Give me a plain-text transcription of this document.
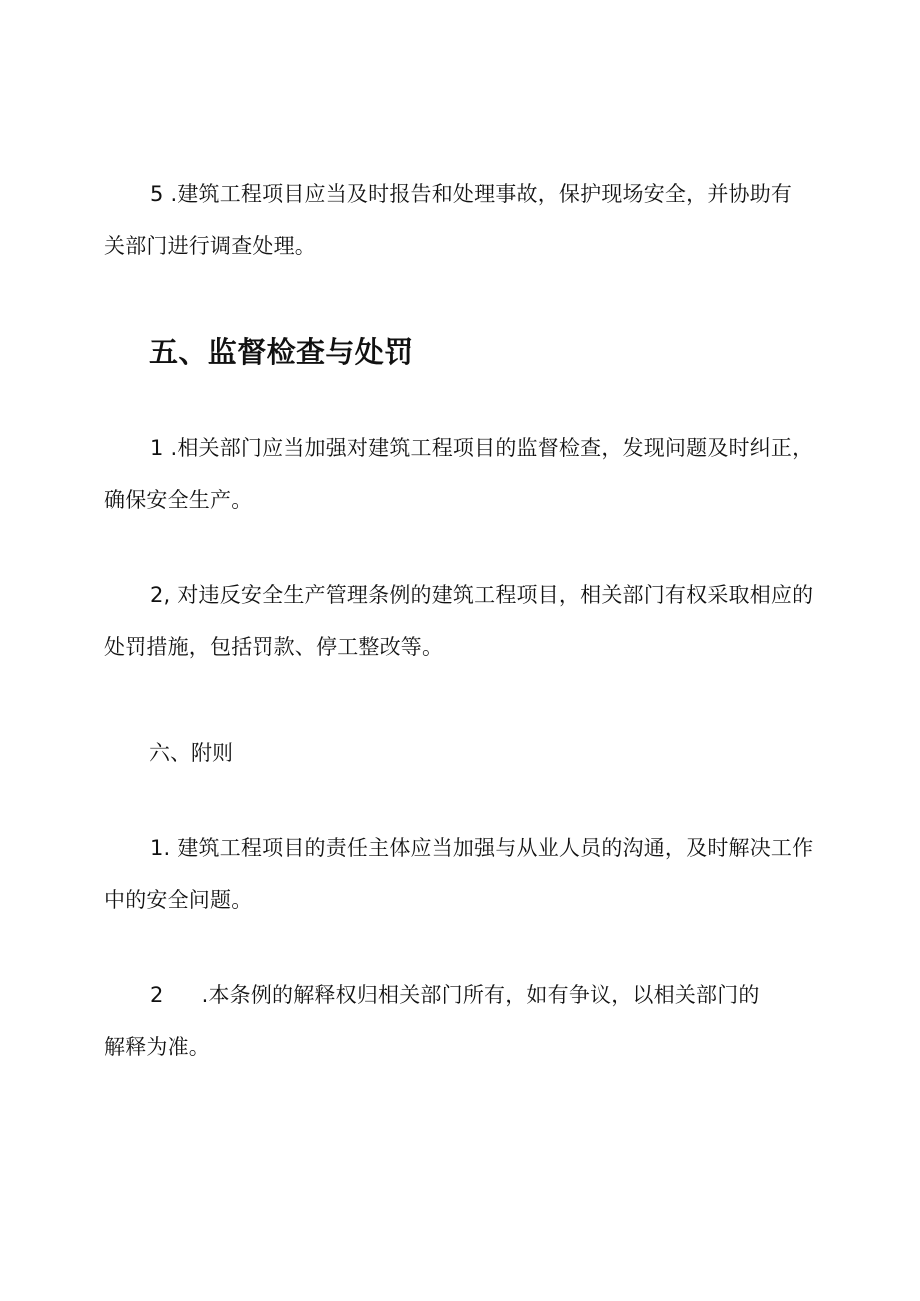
5 .建筑工程项目应当及时报告和处理事故，保护现场安全，并协助有
关部门进行调查处理。
五、监督检查与处罚
1 .相关部门应当加强对建筑工程项目的监督检查，发现问题及时纠正，
确保安全生产。
2, 对违反安全生产管理条例的建筑工程项目，相关部门有权采取相应的
处罚措施，包括罚款、停工整改等。
六、附则
1. 建筑工程项目的责任主体应当加强与从业人员的沟通，及时解决工作
中的安全问题。
2 .本条例的解释权归相关部门所有，如有争议，以相关部门的
解释为准。
